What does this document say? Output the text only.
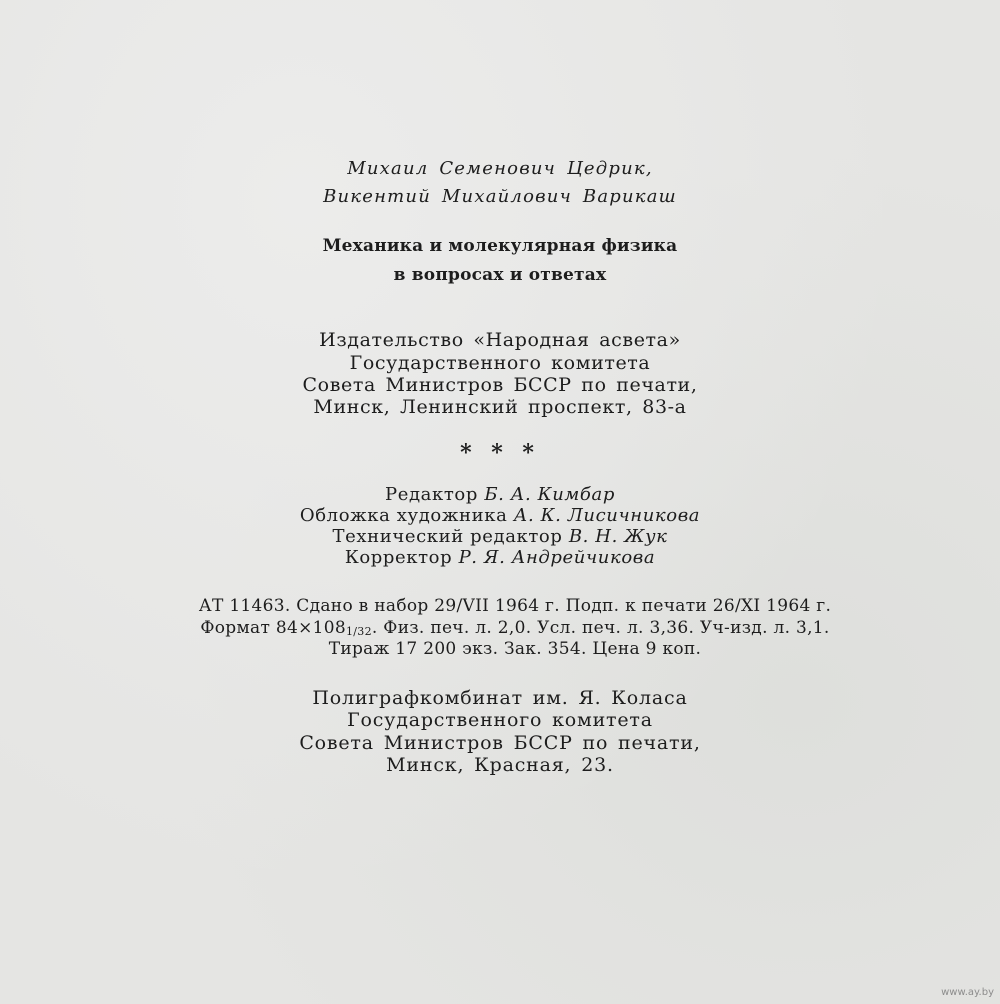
Михаил Семенович Цедрик,
Викентий Михайлович Варикаш
Механика и молекулярная физика
в вопросах и ответах
Издательство «Народная асвета»
Государственного комитета
Совета Министров БССР по печати,
Минск, Ленинский проспект, 83-а
* * *
Редактор Б. А. Кимбар
Обложка художника А. К. Лисичникова
Технический редактор В. Н. Жук
Корректор Р. Я. Андрейчикова
АТ 11463. Сдано в набор 29/VII 1964 г. Подп. к печати 26/XI 1964 г.
Формат 84×1081/32. Физ. печ. л. 2,0. Усл. печ. л. 3,36. Уч-изд. л. 3,1.
Тираж 17 200 экз. Зак. 354. Цена 9 коп.
Полиграфкомбинат им. Я. Коласа
Государственного комитета
Совета Министров БССР по печати,
Минск, Красная, 23.
www.ay.by
